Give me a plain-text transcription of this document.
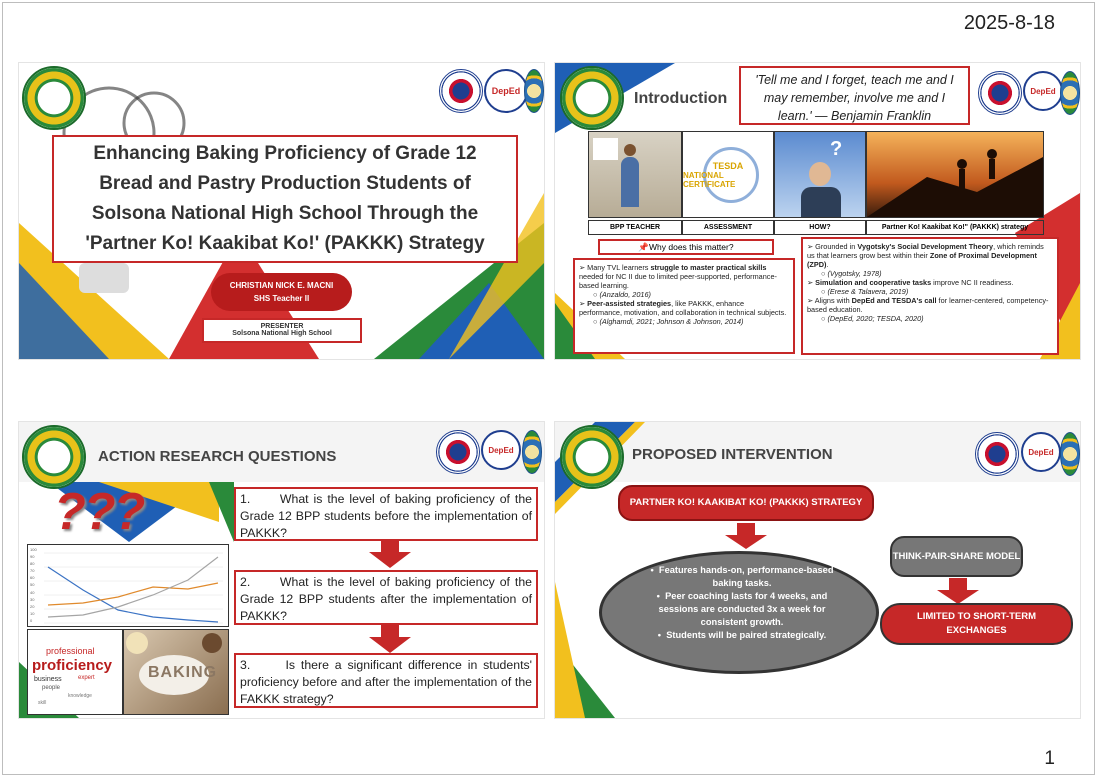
2025-8-18
1
DepEd
Enhancing Baking Proficiency of Grade 12 Bread and Pastry Production Students of Solsona National High School Through the 'Partner Ko! Kaakibat Ko!' (PAKKK) Strategy
CHRISTIAN NICK E. MACNI
SHS Teacher II
PRESENTER
Solsona National High School
Introduction
'Tell me and I forget, teach me and I may remember, involve me and I learn.' — Benjamin Franklin
DepEd
TESDA
NATIONAL CERTIFICATE
?
BPP TEACHER	ASSESSMENT	HOW?	Partner Ko! Kaakibat Ko!" (PAKKK) strategy
📌Why does this matter?
➢ Many TVL learners struggle to master practical skills needed for NC II due to limited peer-supported, performance-based learning.
○ (Anzaldo, 2016)
➢ Peer-assisted strategies, like PAKKK, enhance performance, motivation, and collaboration in technical subjects.
○ (Alghamdi, 2021; Johnson & Johnson, 2014)
➢ Grounded in Vygotsky's Social Development Theory, which reminds us that learners grow best within their Zone of Proximal Development (ZPD).
○ (Vygotsky, 1978)
➢ Simulation and cooperative tasks improve NC II readiness.
○ (Erese & Talavera, 2019)
➢ Aligns with DepEd and TESDA's call for learner-centered, competency-based education.
○ (DepEd, 2020; TESDA, 2020)
ACTION RESEARCH QUESTIONS	DepEd
???
100
90
80
70
60
50
40
30
20
10
0
professional
proficiency
business	expert
people
knowledge
skill
BAKING
1.      What is the level of baking proficiency of the Grade 12 BPP students before the implementation of PAKKK?
2.      What is the level of baking proficiency of the Grade 12 BPP students after the implementation of PAKKK?
3.      Is there a significant difference in students' proficiency before and after the implementation of the FAKKK strategy?
PROPOSED INTERVENTION	DepEd
PARTNER KO! KAAKIBAT KO! (PAKKK) STRATEGY
•  Features hands-on, performance-based baking tasks.
•  Peer coaching lasts for 4 weeks, and sessions are conducted 3x a week for consistent growth.
•  Students will be paired strategically.
THINK-PAIR-SHARE MODEL
LIMITED TO SHORT-TERM EXCHANGES
